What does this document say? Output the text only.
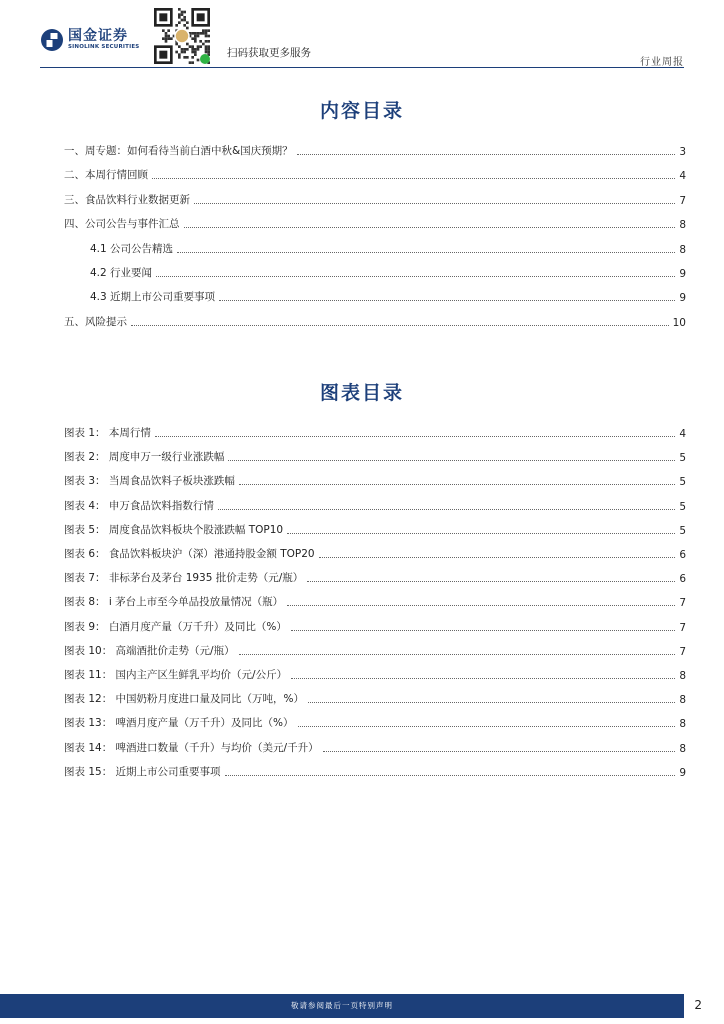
国金证券
SINOLINK SECURITIES	扫码获取更多服务
行业周报
内容目录
一、周专题：如何看待当前白酒中秋&国庆预期？	3
二、本周行情回顾	4
三、食品饮料行业数据更新	7
四、公司公告与事件汇总	8
4.1 公司公告精选	8
4.2 行业要闻	9
4.3 近期上市公司重要事项	9
五、风险提示	10
图表目录
图表 1： 本周行情	4
图表 2： 周度申万一级行业涨跌幅	5
图表 3： 当周食品饮料子板块涨跌幅	5
图表 4： 申万食品饮料指数行情	5
图表 5： 周度食品饮料板块个股涨跌幅 TOP10	5
图表 6： 食品饮料板块沪（深）港通持股金额 TOP20	6
图表 7： 非标茅台及茅台 1935 批价走势（元/瓶）	6
图表 8： i 茅台上市至今单品投放量情况（瓶）	7
图表 9： 白酒月度产量（万千升）及同比（%）	7
图表 10： 高端酒批价走势（元/瓶）	7
图表 11： 国内主产区生鲜乳平均价（元/公斤）	8
图表 12： 中国奶粉月度进口量及同比（万吨，%）	8
图表 13： 啤酒月度产量（万千升）及同比（%）	8
图表 14： 啤酒进口数量（千升）与均价（美元/千升）	8
图表 15： 近期上市公司重要事项	9
敬请参阅最后一页特别声明	2
